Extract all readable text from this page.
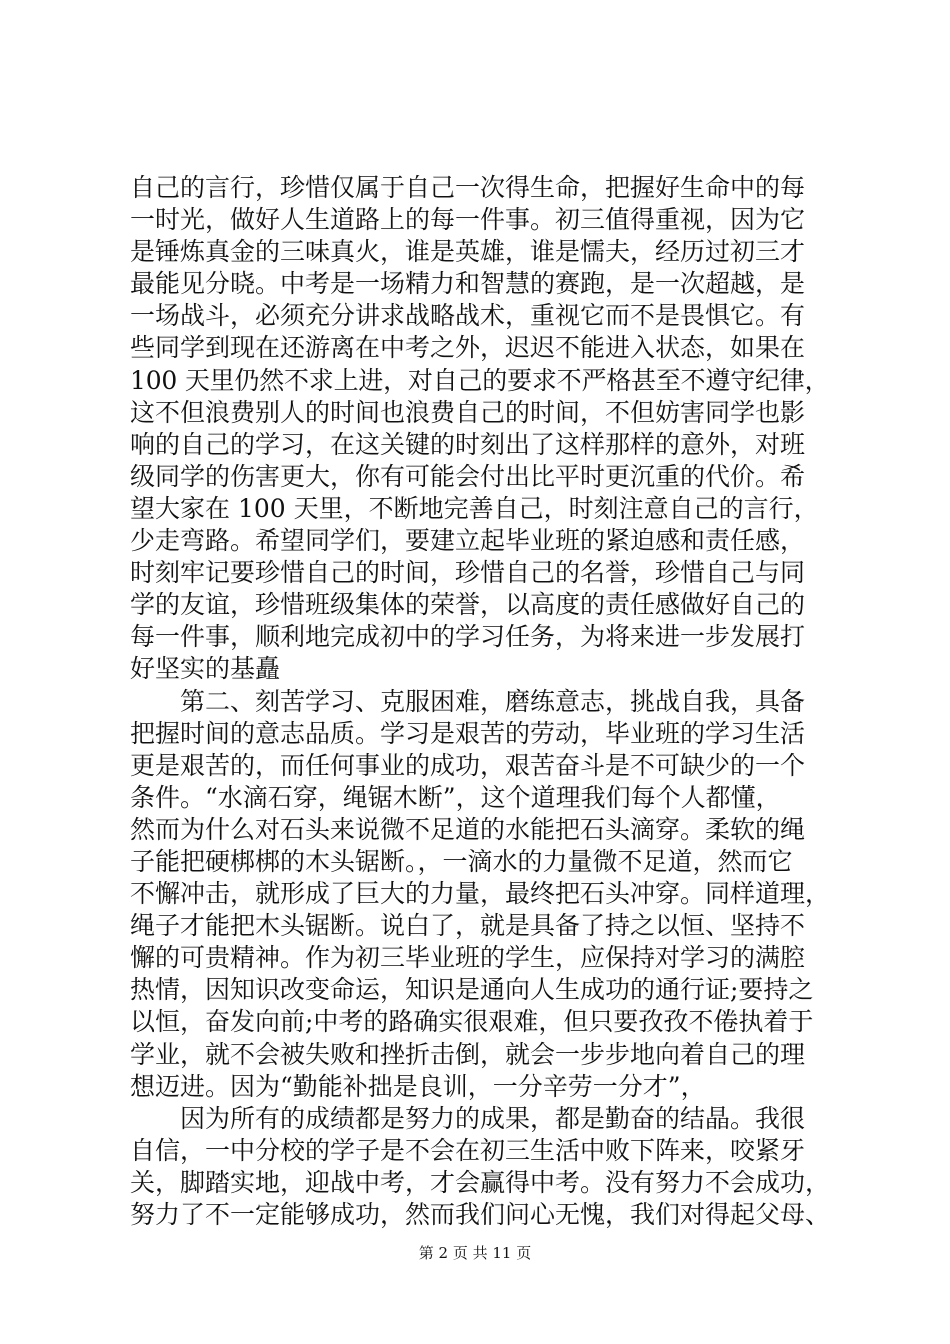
自己的言行，珍惜仅属于自己一次得生命，把握好生命中的每
一时光，做好人生道路上的每一件事。初三值得重视，因为它
是锤炼真金的三味真火，谁是英雄，谁是懦夫，经历过初三才
最能见分晓。中考是一场精力和智慧的赛跑，是一次超越，是
一场战斗，必须充分讲求战略战术，重视它而不是畏惧它。有
些同学到现在还游离在中考之外，迟迟不能进入状态，如果在
100 天里仍然不求上进，对自己的要求不严格甚至不遵守纪律，
这不但浪费别人的时间也浪费自己的时间，不但妨害同学也影
响的自己的学习，在这关键的时刻出了这样那样的意外，对班
级同学的伤害更大，你有可能会付出比平时更沉重的代价。希
望大家在 100 天里，不断地完善自己，时刻注意自己的言行，
少走弯路。希望同学们，要建立起毕业班的紧迫感和责任感，
时刻牢记要珍惜自己的时间，珍惜自己的名誉，珍惜自己与同
学的友谊，珍惜班级集体的荣誉，以高度的责任感做好自己的
每一件事，顺利地完成初中的学习任务，为将来进一步发展打
好坚实的基矗
　　第二、刻苦学习、克服困难，磨练意志，挑战自我，具备
把握时间的意志品质。学习是艰苦的劳动，毕业班的学习生活
更是艰苦的，而任何事业的成功，艰苦奋斗是不可缺少的一个
条件。“水滴石穿，绳锯木断”，这个道理我们每个人都懂，
然而为什么对石头来说微不足道的水能把石头滴穿。柔软的绳
子能把硬梆梆的木头锯断。，一滴水的力量微不足道，然而它
不懈冲击，就形成了巨大的力量，最终把石头冲穿。同样道理，
绳子才能把木头锯断。说白了，就是具备了持之以恒、坚持不
懈的可贵精神。作为初三毕业班的学生，应保持对学习的满腔
热情，因知识改变命运，知识是通向人生成功的通行证;要持之
以恒，奋发向前;中考的路确实很艰难，但只要孜孜不倦执着于
学业，就不会被失败和挫折击倒，就会一步步地向着自己的理
想迈进。因为“勤能补拙是良训，一分辛劳一分才”，
　　因为所有的成绩都是努力的成果，都是勤奋的结晶。我很
自信，一中分校的学子是不会在初三生活中败下阵来，咬紧牙
关，脚踏实地，迎战中考，才会赢得中考。没有努力不会成功，
努力了不一定能够成功，然而我们问心无愧，我们对得起父母、
第 2 页 共 11 页
